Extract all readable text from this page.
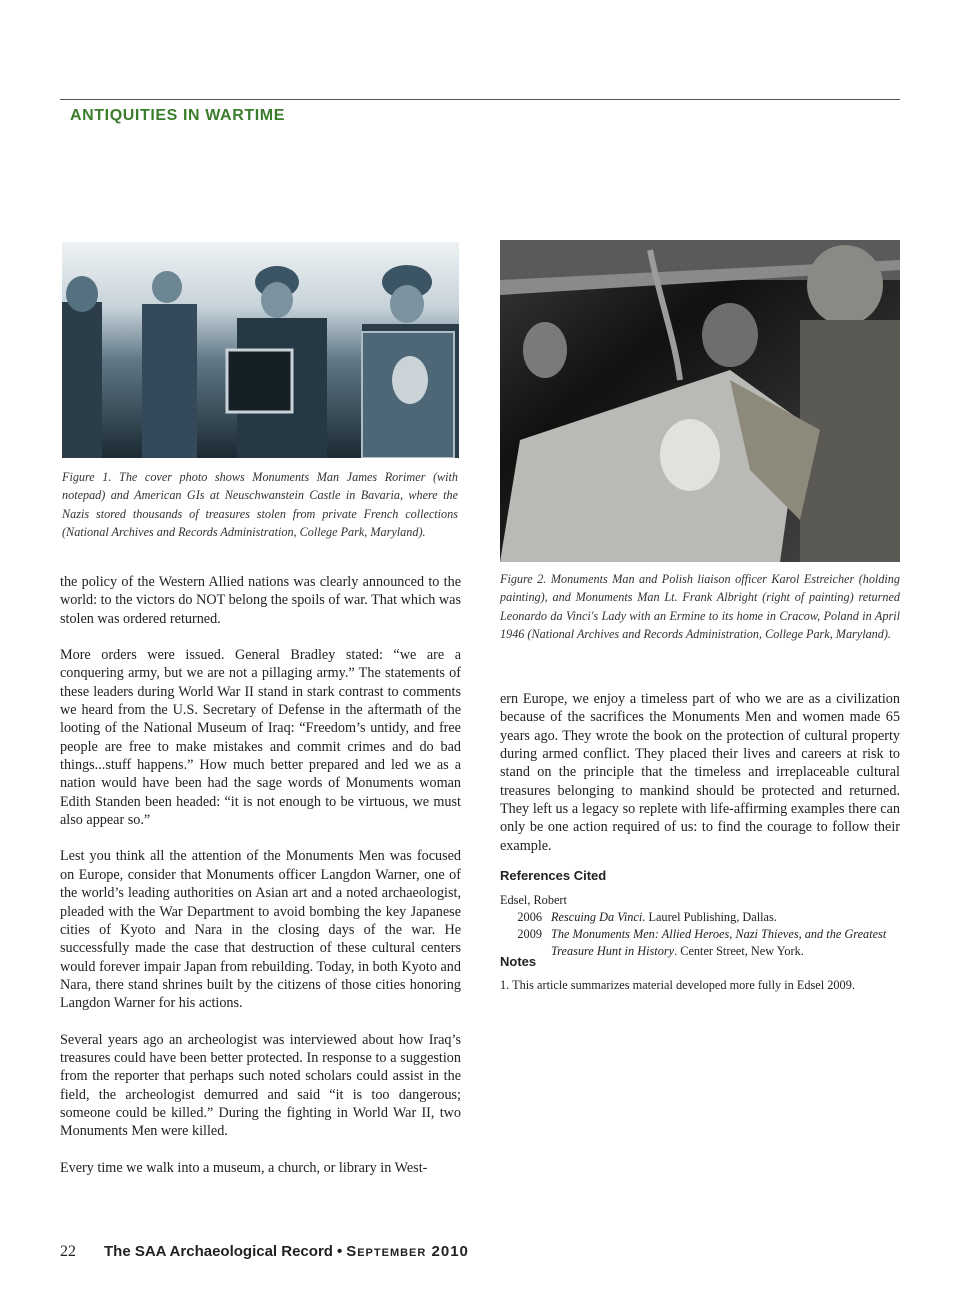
ANTIQUITIES IN WARTIME
Figure 1. The cover photo shows Monuments Man James Rorimer (with notepad) and American GIs at Neuschwanstein Castle in Bavaria, where the Nazis stored thousands of treasures stolen from private French collections (National Archives and Records Administration, College Park, Maryland).
Figure 2. Monuments Man and Polish liaison officer Karol Estreicher (holding painting), and Monuments Man Lt. Frank Albright (right of painting) returned Leonardo da Vinci's Lady with an Ermine to its home in Cracow, Poland in April 1946 (National Archives and Records Administration, College Park, Maryland).

the policy of the Western Allied nations was clearly announced to the world: to the victors do NOT belong the spoils of war. That which was stolen was ordered returned.

More orders were issued. General Bradley stated: “we are a conquering army, but we are not a pillaging army.” The statements of these leaders during World War II stand in stark contrast to comments we heard from the U.S. Secretary of Defense in the aftermath of the looting of the National Museum of Iraq: “Freedom’s untidy, and free people are free to make mistakes and commit crimes and do bad things...stuff happens.” How much better prepared and led we as a nation would have been had the sage words of Monuments woman Edith Standen been headed: “it is not enough to be virtuous, we must also appear so.”

Lest you think all the attention of the Monuments Men was focused on Europe, consider that Monuments officer Langdon Warner, one of the world’s leading authorities on Asian art and a noted archaeologist, pleaded with the War Department to avoid bombing the key Japanese cities of Kyoto and Nara in the closing days of the war. He successfully made the case that destruction of these cultural centers would forever impair Japan from rebuilding. Today, in both Kyoto and Nara, there stand shrines built by the citizens of those cities honoring Langdon Warner for his actions.

Several years ago an archeologist was interviewed about how Iraq’s treasures could have been better protected. In response to a suggestion from the reporter that perhaps such noted scholars could assist in the field, the archeologist demurred and said “it is too dangerous; someone could be killed.” During the fighting in World War II, two Monuments Men were killed.

Every time we walk into a museum, a church, or library in West-

ern Europe, we enjoy a timeless part of who we are as a civilization because of the sacrifices the Monuments Men and women made 65 years ago. They wrote the book on the protection of cultural property during armed conflict. They placed their lives and careers at risk to stand on the principle that the timeless and irreplaceable cultural treasures belonging to mankind should be protected and returned. They left us a legacy so replete with life-affirming examples there can only be one action required of us: to find the courage to follow their example.

References Cited
Edsel, Robert
2006 Rescuing Da Vinci. Laurel Publishing, Dallas.
2009 The Monuments Men: Allied Heroes, Nazi Thieves, and the Greatest Treasure Hunt in History. Center Street, New York.
Notes
1. This article summarizes material developed more fully in Edsel 2009.
22 The SAA Archaeological Record • September 2010
